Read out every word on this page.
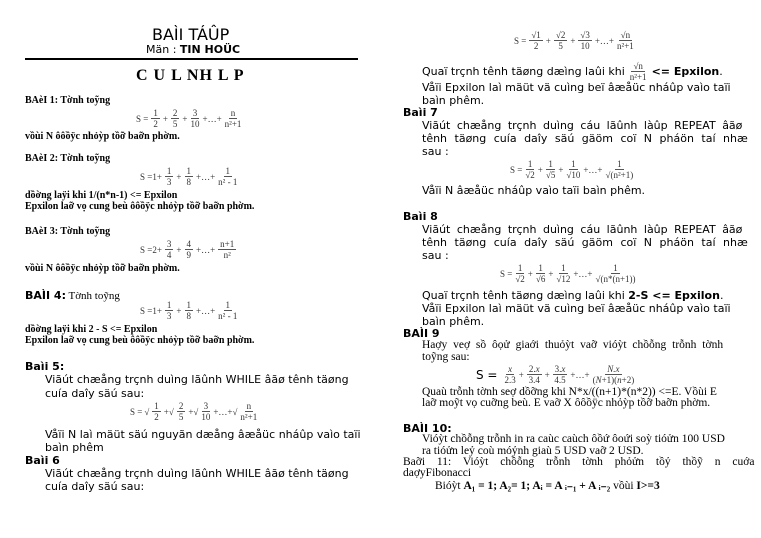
BAÌI TÁÛP
Män : TIN HOÜC
C U L NH L P
BAèI 1: Tờnh toỹng
$S = \frac{1}{2} + \frac{2}{5} + \frac{3}{10}$ +…+ $\frac{n}{\text{n²+1}}$
vồùi N ôôồÿc nhỏỳp tồỡ baỡn phờm.
BAèI 2: Tờnh toỹng
$S =1+ \frac{1}{3} + \frac{1}{8}$ +…+ $\frac{1}{\text{n² - 1}}$
dồờng laÿi khi 1/(n*n-1) <= Epxilon
Epxilon laỡ vọ cung beù ôôồÿc nhỏỳp tồỡ baỡn phờm.
BAèI 3: Tờnh toỹng
$S =2+ \frac{3}{4} + \frac{4}{9}$ +…+ $\frac{n+1}{\text{n²}}$
vồùi N ôôồÿc nhỏỳp tồỡ baỡn phờm.
BAÌI 4: Tờnh toỹng
$S =1+ \frac{1}{3} + \frac{1}{8}$ +…+ $\frac{1}{\text{n² - 1}}$
dồờng laÿi khi 2 - S <= Epxilon
Epxilon laỡ vọ cung beù ôôồÿc nhỏỳp tồỡ baỡn phờm.
Baìi 5:
Viãút chæång trçnh duìng lãûnh WHILE âãø tênh täøng
cuía daîy säú sau:
S = √ $\frac{1}{2}$ +√ $\frac{2}{5}$ +√ $\frac{3}{10}$ +…+√ $\frac{n}{\text{n²+1}}$
Våïi N laì mäüt säú nguyãn dæång âæåüc nháûp vaìo taïi
baìn phêm
Baìi 6
Viãút chæång trçnh duìng lãûnh WHILE âãø tênh täøng
cuía daîy säú sau:
$S = \frac{√1}{2} + \frac{√2}{5} + \frac{√3}{10}$ +…+ $\frac{√n}{\text{n²+1}}$
Quaï trçnh tênh täøng dæìng laûi khi $\frac{√n}{\text{n²+1}}$ <= Epxilon .
Våïi Epxilon laì mäüt vä cuìng beï âæåüc nháûp vaìo taïi
baìn phêm.
Baìi 7
Viãút chæång trçnh duìng cáu lãûnh làûp REPEAT âãø
tênh täøng cuía daîy säú gäöm coï N pháön taí nhæ
sau :
$S = \frac{1}{√2} + \frac{1}{√5} + \frac{1}{√10}$ +…+ $\frac{1}{\text{√(n²+1)}}$
Våïi N âæåüc nháûp vaìo taïi baìn phêm.
Baìi 8
Viãút chæång trçnh duìng cáu lãûnh làûp REPEAT âãø
tênh täøng cuía daîy säú gäöm coï N pháön taí nhæ
sau :
$S = \frac{1}{√2} + \frac{1}{√6} + \frac{1}{√12}$ +…+ $\frac{1}{√(n*(n+1))}$
Quaï trçnh tênh täøng dæìng laûi khi 2-S <= Epxilon.
Våïi Epxilon laì mäüt vä cuìng beï âæåüc nháûp vaìo taïi
baìn phêm.
BAÌI 9
Haợy veợ sồ ôọử giaới thuỏỳt vaỡ vióỳt chồỗng trỗnh tờnh
toỹng sau:
$S = \frac{x}{2.3} + \frac{2.x}{3.4} + \frac{3.x}{4.5}$ +…+ $\frac{N.x}{(N+1)(n+2)}$
Quaù trỗnh tờnh seợ dồỡng khi N*x/((n+1)*(n*2)) <=E. Vồùi E
laỡ moỹt vọ cuỡng beù. E vaỡ X ôôồÿc nhỏỳp tồỡ baỡn phờm.
BAÌI 10:
Vióỳt chồỗng trỗnh in ra caùc caùch ôồứ ôoứi soỳ tióửn 100 USD
ra tióửn leỷ coù móỷnh giaù 5 USD vaỡ 2 USD.
Baỡi 11: Vióỳt chồỗng trỗnh tờnh phỏửn tồỷ thồỹ n cuớa
daợyFibonacci
Bióỳt A₁ = 1; A₂= 1; Aᵢ = A ᵢ₋₁ + A ᵢ₋₂ vồùi I>=3
